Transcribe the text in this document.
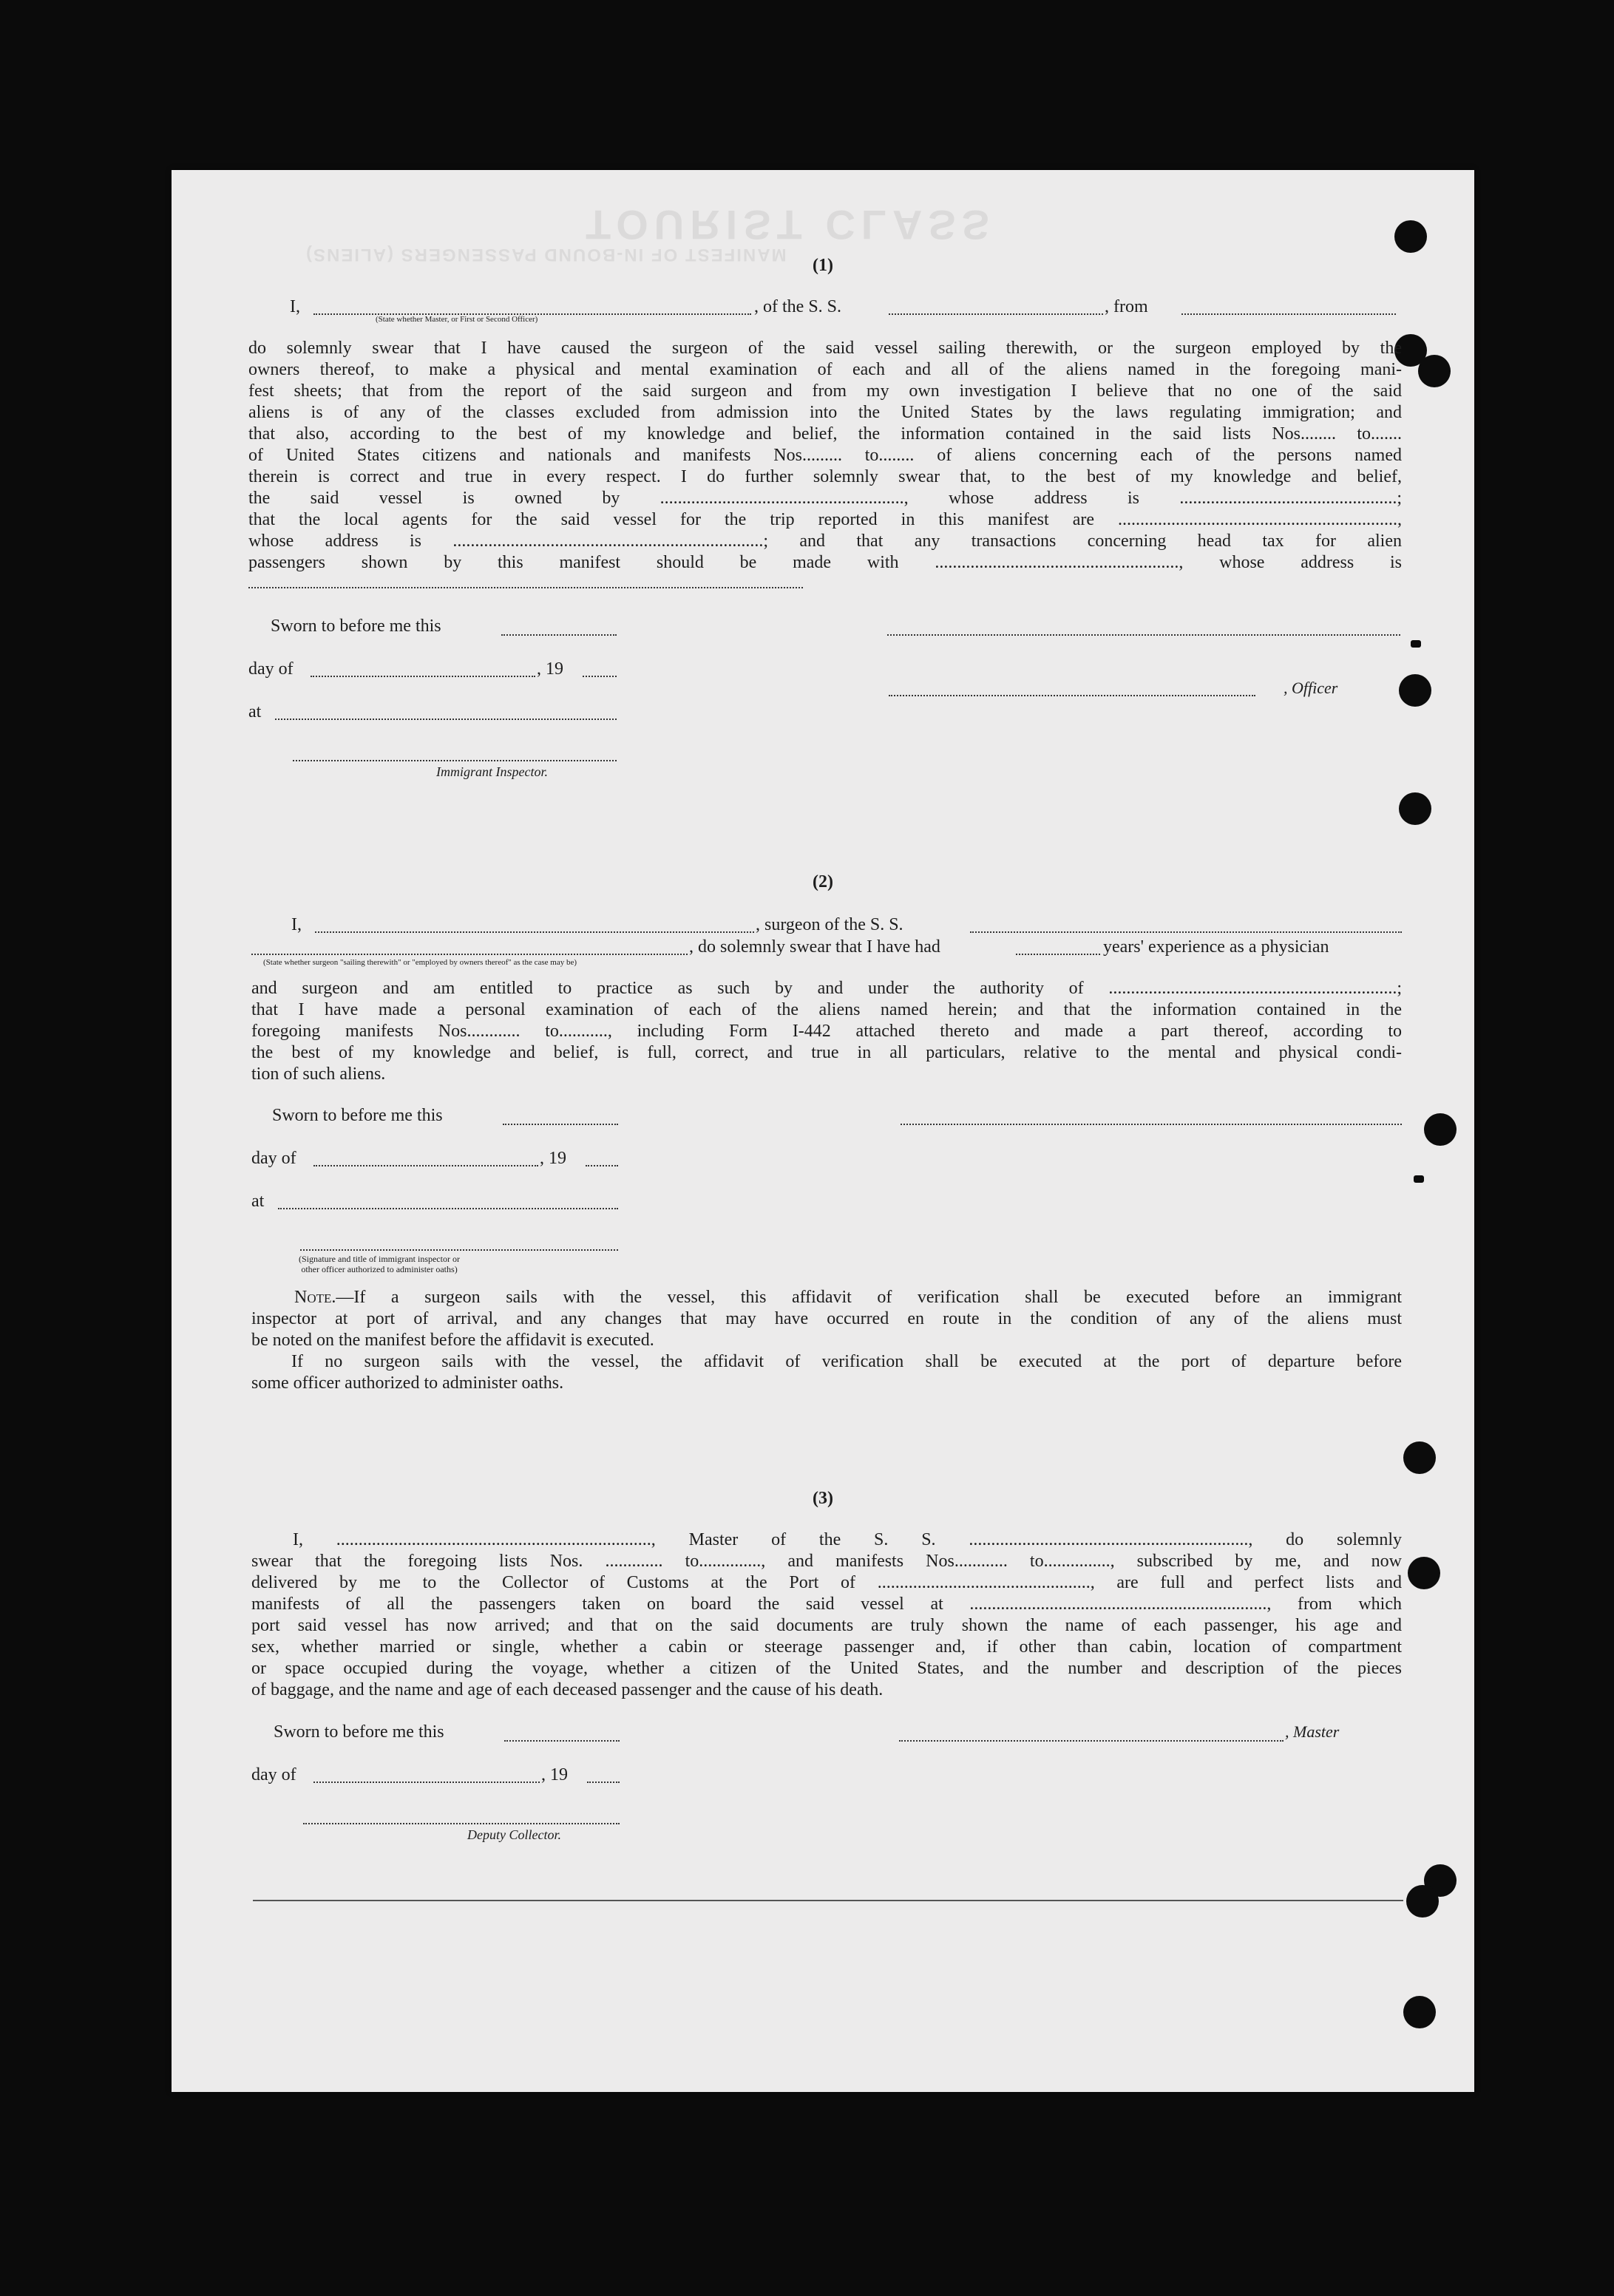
TOURIST CLASS
MANIFEST OF IN-BOUND PASSENGERS (ALIENS)
(1)
I,	, of the S. S.	, from
(State whether Master, or First or Second Officer)
do solemnly swear that I have caused the surgeon of the said vessel sailing therewith, or the surgeon employed by the
owners thereof, to make a physical and mental examination of each and all of the aliens named in the foregoing mani-
fest sheets; that from the report of the said surgeon and from my own investigation I believe that no one of the said
aliens is of any of the classes excluded from admission into the United States by the laws regulating immigration; and
that also, according to the best of my knowledge and belief, the information contained in the said lists Nos........ to.......
of United States citizens and nationals and manifests Nos......... to........ of aliens concerning each of the persons named
therein is correct and true in every respect. I do further solemnly swear that, to the best of my knowledge and belief,
the said vessel is owned by ......................................................., whose address is .................................................;
that the local agents for the said vessel for the trip reported in this manifest are ...............................................................,
whose address is ......................................................................; and that any transactions concerning head tax for alien
passengers shown by this manifest should be made with ......................................................., whose address is
Sworn to before me this
day of	, 19
, Officer
at
Immigrant Inspector.
(2)
I,	, surgeon of the S. S.
, do solemnly swear that I have had	years' experience as a physician
(State whether surgeon "sailing therewith" or "employed by owners thereof" as the case may be)
and surgeon and am entitled to practice as such by and under the authority of .................................................................;
that I have made a personal examination of each of the aliens named herein; and that the information contained in the
foregoing manifests Nos............ to..........., including Form I-442 attached thereto and made a part thereof, according to
the best of my knowledge and belief, is full, correct, and true in all particulars, relative to the mental and physical condi-
tion of such aliens.
Sworn to before me this
day of	, 19
at
(Signature and title of immigrant inspector or other officer authorized to administer oaths)
Note.—If a surgeon sails with the vessel, this affidavit of verification shall be executed before an immigrant
inspector at port of arrival, and any changes that may have occurred en route in the condition of any of the aliens must
be noted on the manifest before the affidavit is executed.
If no surgeon sails with the vessel, the affidavit of verification shall be executed at the port of departure before
some officer authorized to administer oaths.
(3)
I, ......................................................................., Master of the S. S. ..............................................................., do solemnly
swear that the foregoing lists Nos. ............. to.............., and manifests Nos............ to..............., subscribed by me, and now
delivered by me to the Collector of Customs at the Port of ................................................, are full and perfect lists and
manifests of all the passengers taken on board the said vessel at ..................................................................., from which
port said vessel has now arrived; and that on the said documents are truly shown the name of each passenger, his age and
sex, whether married or single, whether a cabin or steerage passenger and, if other than cabin, location of compartment
or space occupied during the voyage, whether a citizen of the United States, and the number and description of the pieces
of baggage, and the name and age of each deceased passenger and the cause of his death.
Sworn to before me this	, Master
day of	, 19
Deputy Collector.
